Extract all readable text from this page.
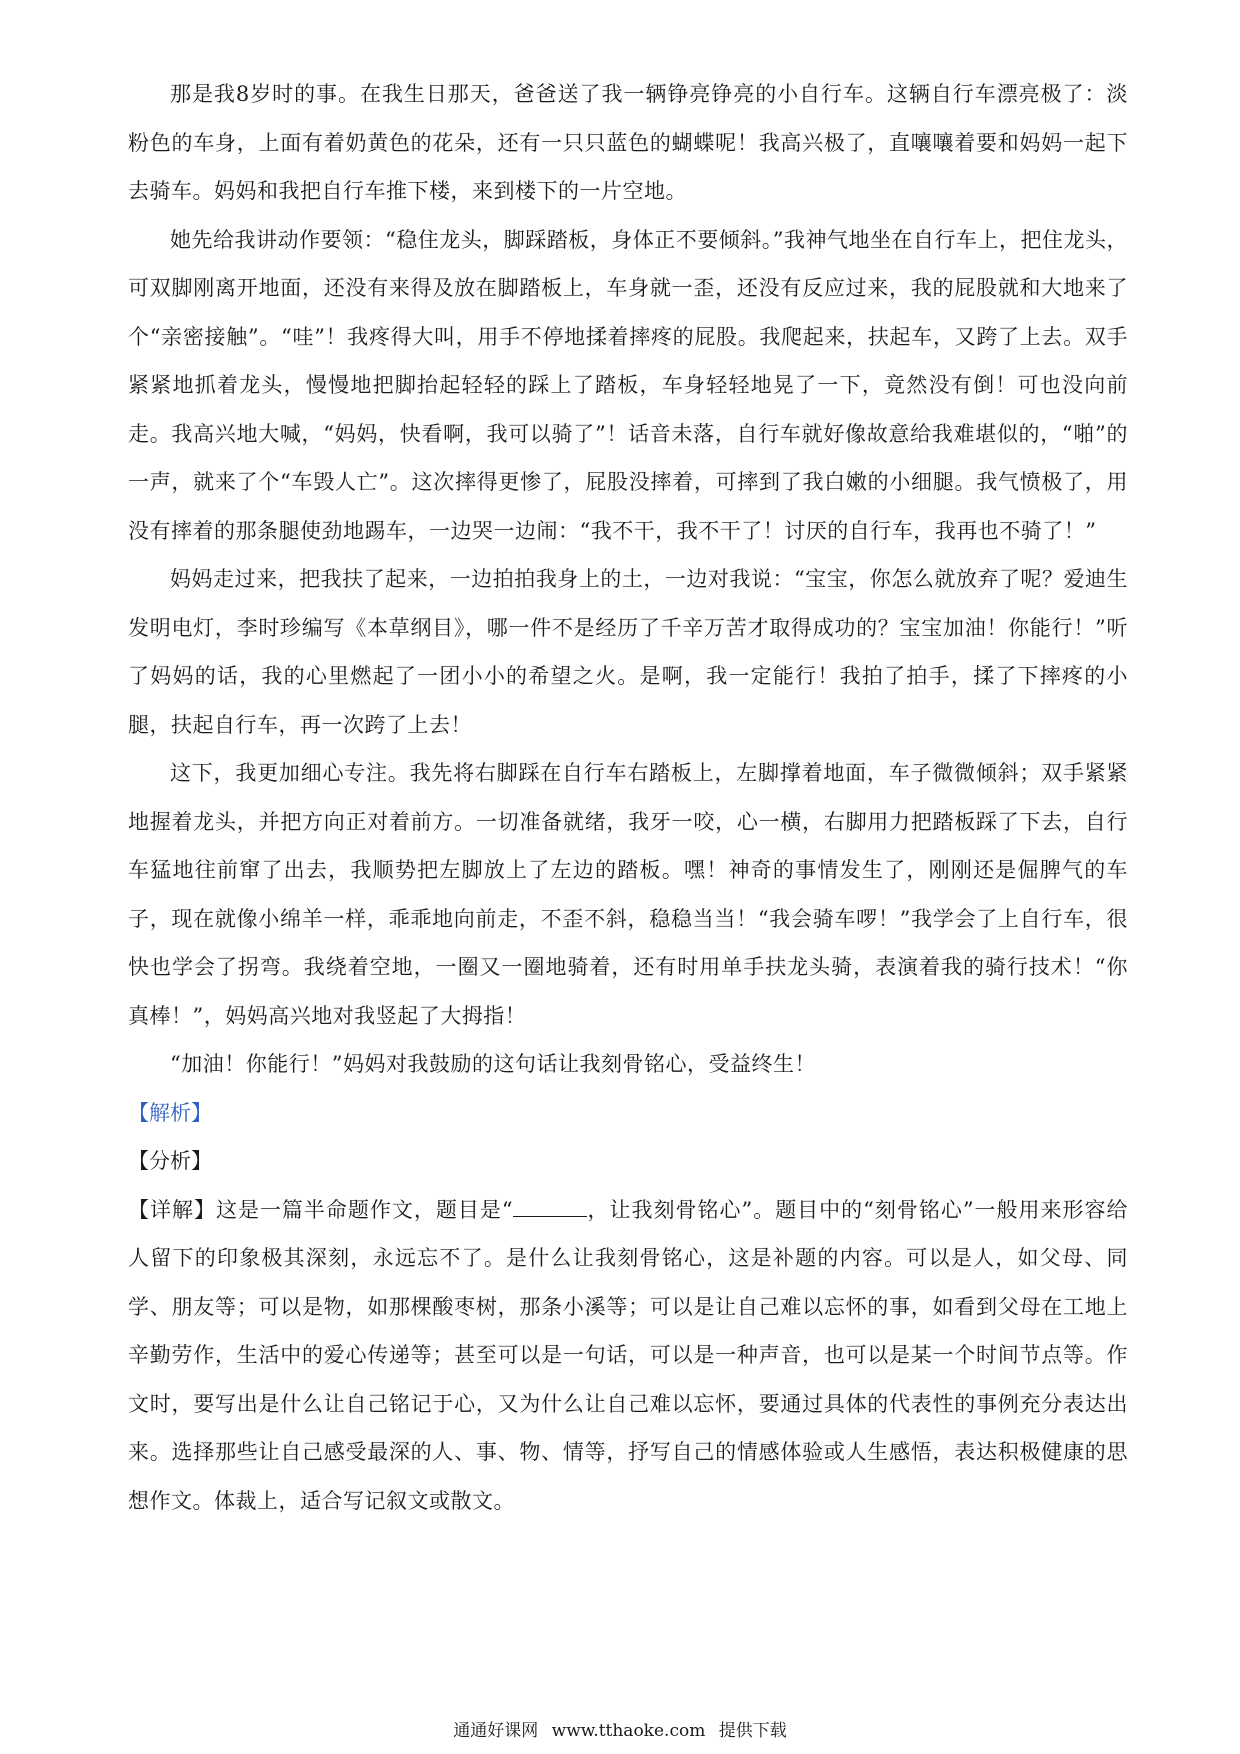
那是我8岁时的事。在我生日那天，爸爸送了我一辆铮亮铮亮的小自行车。这辆自行车漂亮极了：淡粉色的车身，上面有着奶黄色的花朵，还有一只只蓝色的蝴蝶呢！我高兴极了，直嚷嚷着要和妈妈一起下去骑车。妈妈和我把自行车推下楼，来到楼下的一片空地。

她先给我讲动作要领：“稳住龙头，脚踩踏板，身体正不要倾斜。”我神气地坐在自行车上，把住龙头，可双脚刚离开地面，还没有来得及放在脚踏板上，车身就一歪，还没有反应过来，我的屁股就和大地来了个“亲密接触”。“哇”！我疼得大叫，用手不停地揉着摔疼的屁股。我爬起来，扶起车，又跨了上去。双手紧紧地抓着龙头，慢慢地把脚抬起轻轻的踩上了踏板，车身轻轻地晃了一下，竟然没有倒！可也没向前走。我高兴地大喊，“妈妈，快看啊，我可以骑了”！话音未落，自行车就好像故意给我难堪似的，“啪”的一声，就来了个“车毁人亡”。这次摔得更惨了，屁股没摔着，可摔到了我白嫩的小细腿。我气愤极了，用没有摔着的那条腿使劲地踢车，一边哭一边闹：“我不干，我不干了！讨厌的自行车，我再也不骑了！”

妈妈走过来，把我扶了起来，一边拍拍我身上的土，一边对我说：“宝宝，你怎么就放弃了呢？爱迪生发明电灯，李时珍编写《本草纲目》，哪一件不是经历了千辛万苦才取得成功的？宝宝加油！你能行！”听了妈妈的话，我的心里燃起了一团小小的希望之火。是啊，我一定能行！我拍了拍手，揉了下摔疼的小腿，扶起自行车，再一次跨了上去！

这下，我更加细心专注。我先将右脚踩在自行车右踏板上，左脚撑着地面，车子微微倾斜；双手紧紧地握着龙头，并把方向正对着前方。一切准备就绪，我牙一咬，心一横，右脚用力把踏板踩了下去，自行车猛地往前窜了出去，我顺势把左脚放上了左边的踏板。嘿！神奇的事情发生了，刚刚还是倔脾气的车子，现在就像小绵羊一样，乖乖地向前走，不歪不斜，稳稳当当！“我会骑车啰！”我学会了上自行车，很快也学会了拐弯。我绕着空地，一圈又一圈地骑着，还有时用单手扶龙头骑，表演着我的骑行技术！“你真棒！”，妈妈高兴地对我竖起了大拇指！

“加油！你能行！”妈妈对我鼓励的这句话让我刻骨铭心，受益终生！

【解析】

【分析】

【详解】这是一篇半命题作文，题目是“	，让我刻骨铭心”。题目中的“刻骨铭心”一般用来形容给人留下的印象极其深刻，永远忘不了。是什么让我刻骨铭心，这是补题的内容。可以是人，如父母、同学、朋友等；可以是物，如那棵酸枣树，那条小溪等；可以是让自己难以忘怀的事，如看到父母在工地上辛勤劳作，生活中的爱心传递等；甚至可以是一句话，可以是一种声音，也可以是某一个时间节点等。作文时，要写出是什么让自己铭记于心，又为什么让自己难以忘怀，要通过具体的代表性的事例充分表达出来。选择那些让自己感受最深的人、事、物、情等，抒写自己的情感体验或人生感悟，表达积极健康的思想作文。体裁上，适合写记叙文或散文。

通通好课网 www.tthaoke.com 提供下载
